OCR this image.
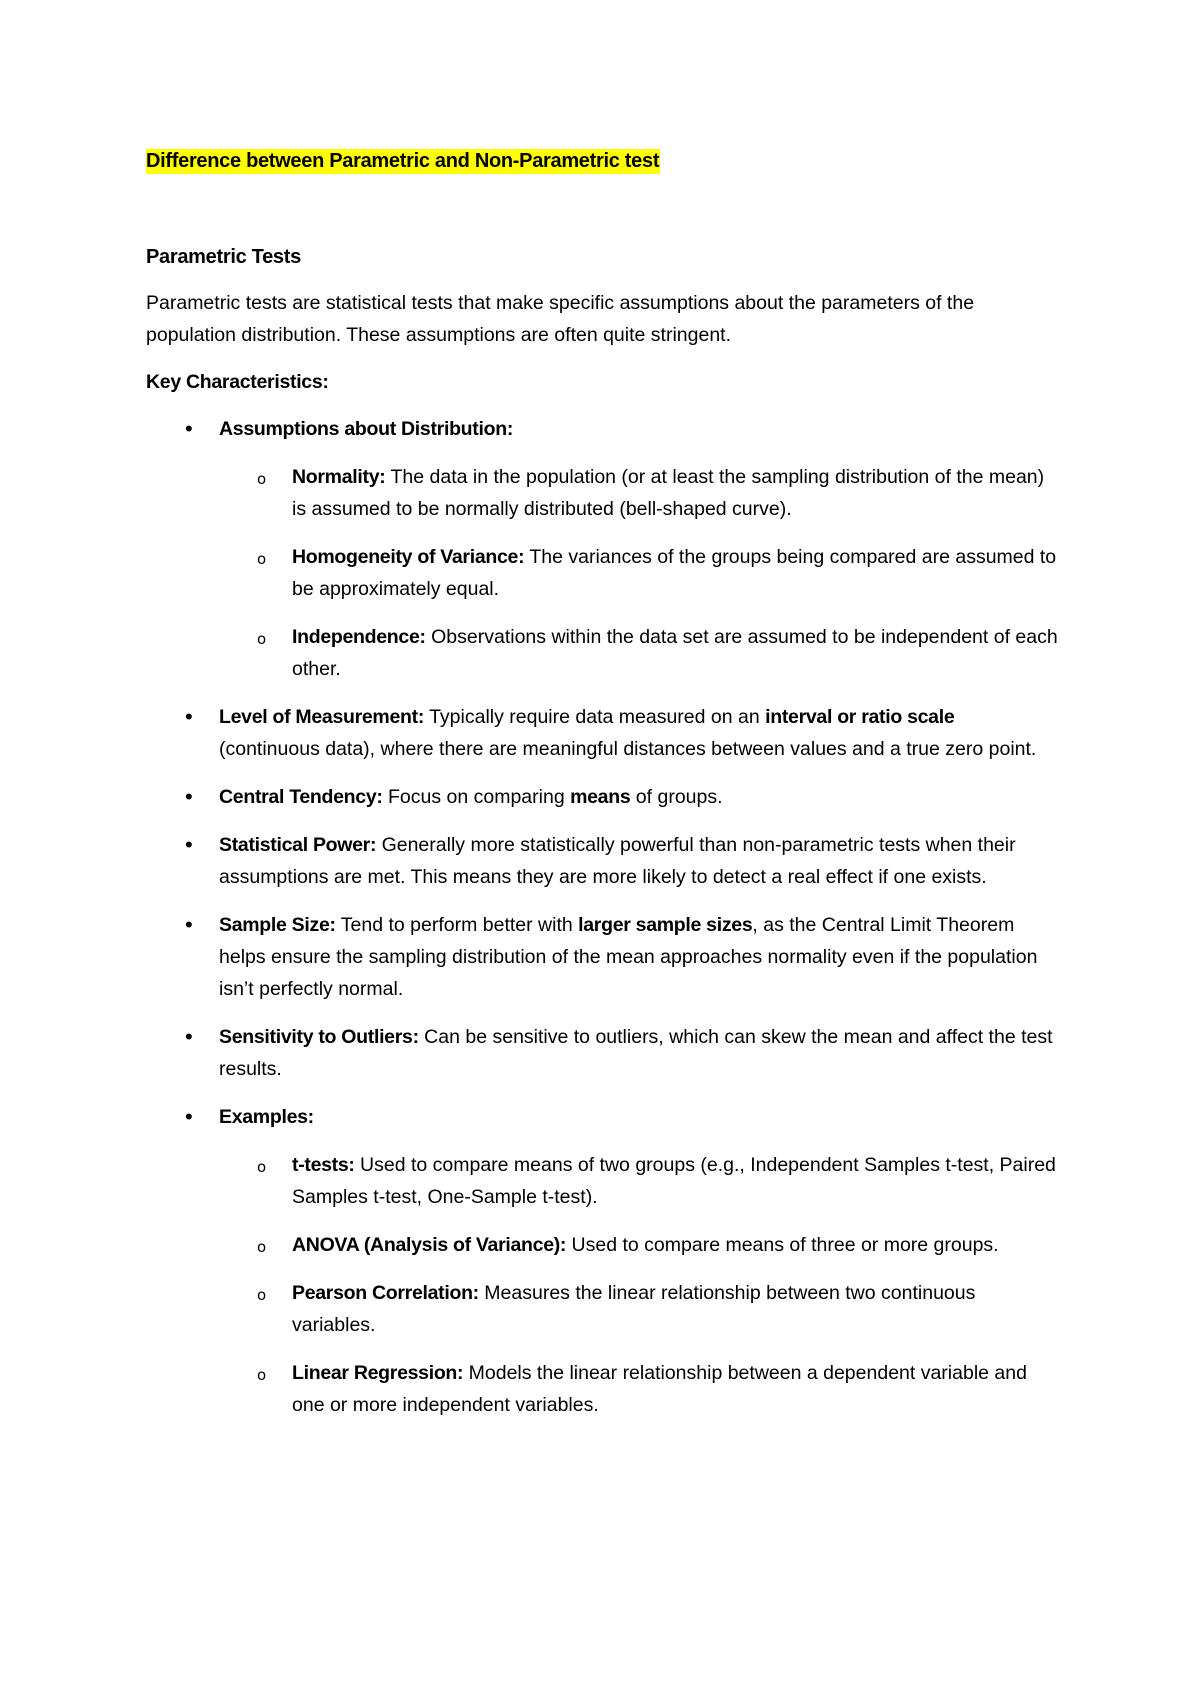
Difference between Parametric and Non-Parametric test

Parametric Tests

Parametric tests are statistical tests that make specific assumptions about the parameters of the population distribution. These assumptions are often quite stringent.

Key Characteristics:

• Assumptions about Distribution:
o Normality: The data in the population (or at least the sampling distribution of the mean) is assumed to be normally distributed (bell-shaped curve).
o Homogeneity of Variance: The variances of the groups being compared are assumed to be approximately equal.
o Independence: Observations within the data set are assumed to be independent of each other.
• Level of Measurement: Typically require data measured on an interval or ratio scale (continuous data), where there are meaningful distances between values and a true zero point.
• Central Tendency: Focus on comparing means of groups.
• Statistical Power: Generally more statistically powerful than non-parametric tests when their assumptions are met. This means they are more likely to detect a real effect if one exists.
• Sample Size: Tend to perform better with larger sample sizes, as the Central Limit Theorem helps ensure the sampling distribution of the mean approaches normality even if the population isn’t perfectly normal.
• Sensitivity to Outliers: Can be sensitive to outliers, which can skew the mean and affect the test results.
• Examples:
o t-tests: Used to compare means of two groups (e.g., Independent Samples t-test, Paired Samples t-test, One-Sample t-test).
o ANOVA (Analysis of Variance): Used to compare means of three or more groups.
o Pearson Correlation: Measures the linear relationship between two continuous variables.
o Linear Regression: Models the linear relationship between a dependent variable and one or more independent variables.
